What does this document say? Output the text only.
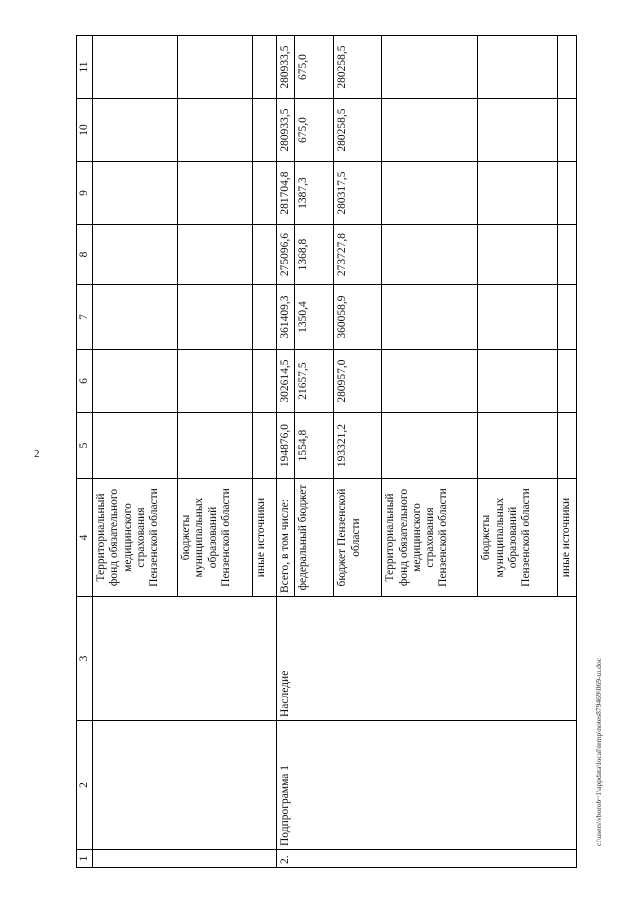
2
1	2	3	4	5	6	7	8	9	10	11
			Территориальный фонд обязательного медицинского страхования Пензенской области							
			бюджеты муниципальных образований Пензенской области							
			иные источники							
2.	Подпрограмма 1	Наследие	Всего, в том числе:	194876,0	302614,5	361409,3	275096,6	281704,8	280933,5	280933,5
			федеральный бюджет	1554,8	21657,5	1350,4	1368,8	1387,3	675,0	675,0
			бюджет Пензенской области	193321,2	280957,0	360058,9	273727,8	280317,5	280258,5	280258,5
			Территориальный фонд обязательного медицинского страхования Пензенской области							
			бюджеты муниципальных образований Пензенской области							
			иные источники							
c:\users\vborob~1\appdata\local\temp\notes879469\069-ш.doc
